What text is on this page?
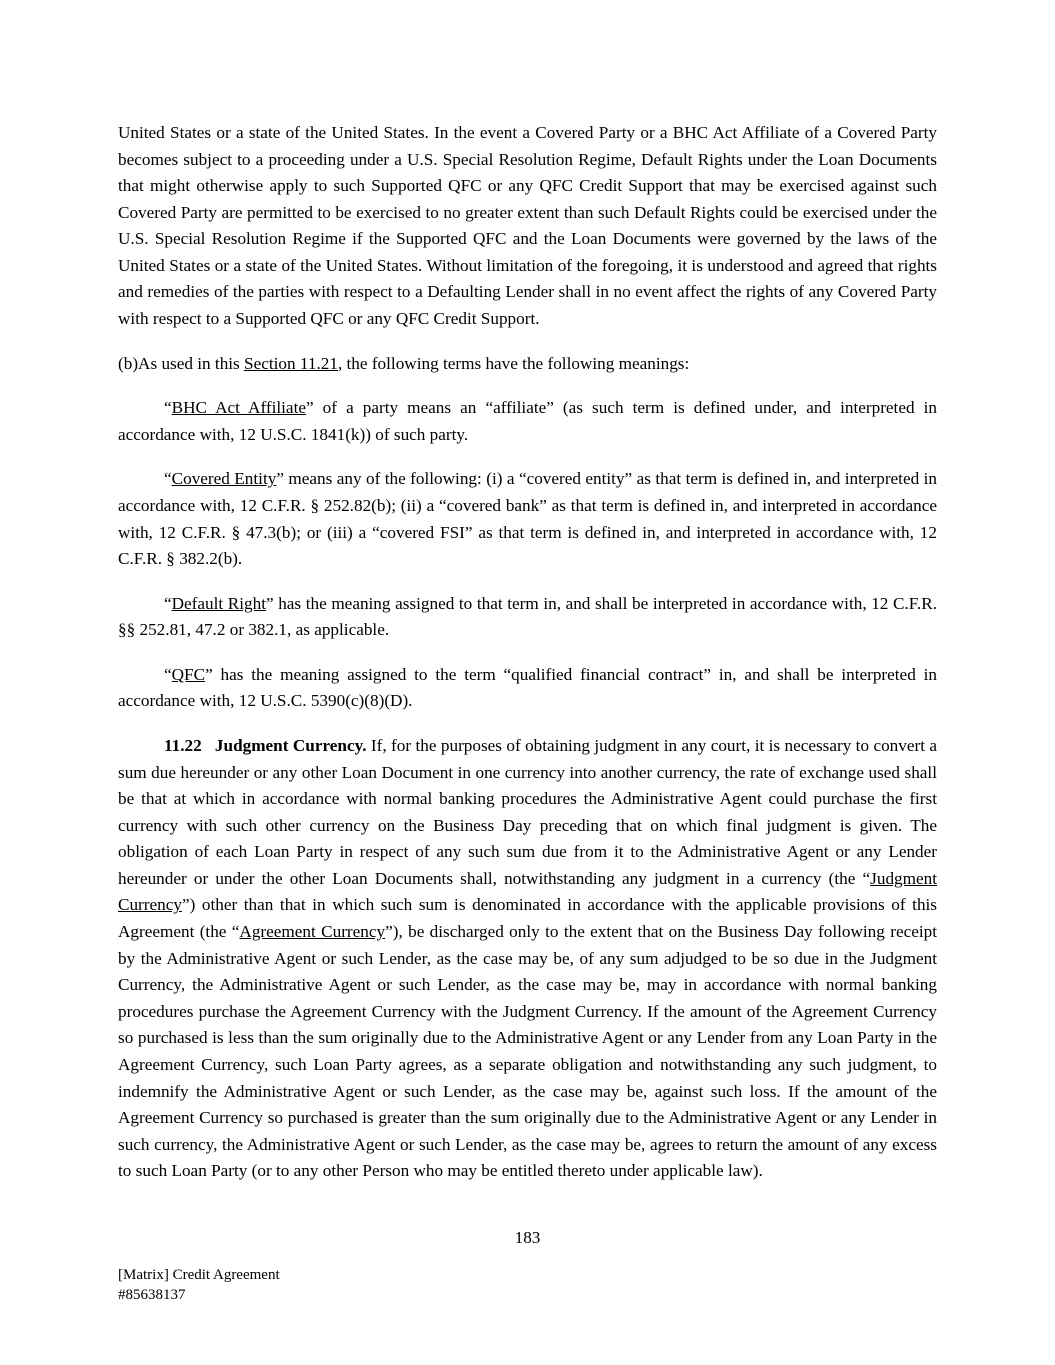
United States or a state of the United States. In the event a Covered Party or a BHC Act Affiliate of a Covered Party becomes subject to a proceeding under a U.S. Special Resolution Regime, Default Rights under the Loan Documents that might otherwise apply to such Supported QFC or any QFC Credit Support that may be exercised against such Covered Party are permitted to be exercised to no greater extent than such Default Rights could be exercised under the U.S. Special Resolution Regime if the Supported QFC and the Loan Documents were governed by the laws of the United States or a state of the United States. Without limitation of the foregoing, it is understood and agreed that rights and remedies of the parties with respect to a Defaulting Lender shall in no event affect the rights of any Covered Party with respect to a Supported QFC or any QFC Credit Support.

(b)As used in this Section 11.21, the following terms have the following meanings:

“BHC Act Affiliate” of a party means an “affiliate” (as such term is defined under, and interpreted in accordance with, 12 U.S.C. 1841(k)) of such party.

“Covered Entity” means any of the following: (i) a “covered entity” as that term is defined in, and interpreted in accordance with, 12 C.F.R. § 252.82(b); (ii) a “covered bank” as that term is defined in, and interpreted in accordance with, 12 C.F.R. § 47.3(b); or (iii) a “covered FSI” as that term is defined in, and interpreted in accordance with, 12 C.F.R. § 382.2(b).

“Default Right” has the meaning assigned to that term in, and shall be interpreted in accordance with, 12 C.F.R. §§ 252.81, 47.2 or 382.1, as applicable.

“QFC” has the meaning assigned to the term “qualified financial contract” in, and shall be interpreted in accordance with, 12 U.S.C. 5390(c)(8)(D).

11.22 Judgment Currency. If, for the purposes of obtaining judgment in any court, it is necessary to convert a sum due hereunder or any other Loan Document in one currency into another currency, the rate of exchange used shall be that at which in accordance with normal banking procedures the Administrative Agent could purchase the first currency with such other currency on the Business Day preceding that on which final judgment is given. The obligation of each Loan Party in respect of any such sum due from it to the Administrative Agent or any Lender hereunder or under the other Loan Documents shall, notwithstanding any judgment in a currency (the “Judgment Currency”) other than that in which such sum is denominated in accordance with the applicable provisions of this Agreement (the “Agreement Currency”), be discharged only to the extent that on the Business Day following receipt by the Administrative Agent or such Lender, as the case may be, of any sum adjudged to be so due in the Judgment Currency, the Administrative Agent or such Lender, as the case may be, may in accordance with normal banking procedures purchase the Agreement Currency with the Judgment Currency. If the amount of the Agreement Currency so purchased is less than the sum originally due to the Administrative Agent or any Lender from any Loan Party in the Agreement Currency, such Loan Party agrees, as a separate obligation and notwithstanding any such judgment, to indemnify the Administrative Agent or such Lender, as the case may be, against such loss. If the amount of the Agreement Currency so purchased is greater than the sum originally due to the Administrative Agent or any Lender in such currency, the Administrative Agent or such Lender, as the case may be, agrees to return the amount of any excess to such Loan Party (or to any other Person who may be entitled thereto under applicable law).

183
[Matrix] Credit Agreement
#85638137
